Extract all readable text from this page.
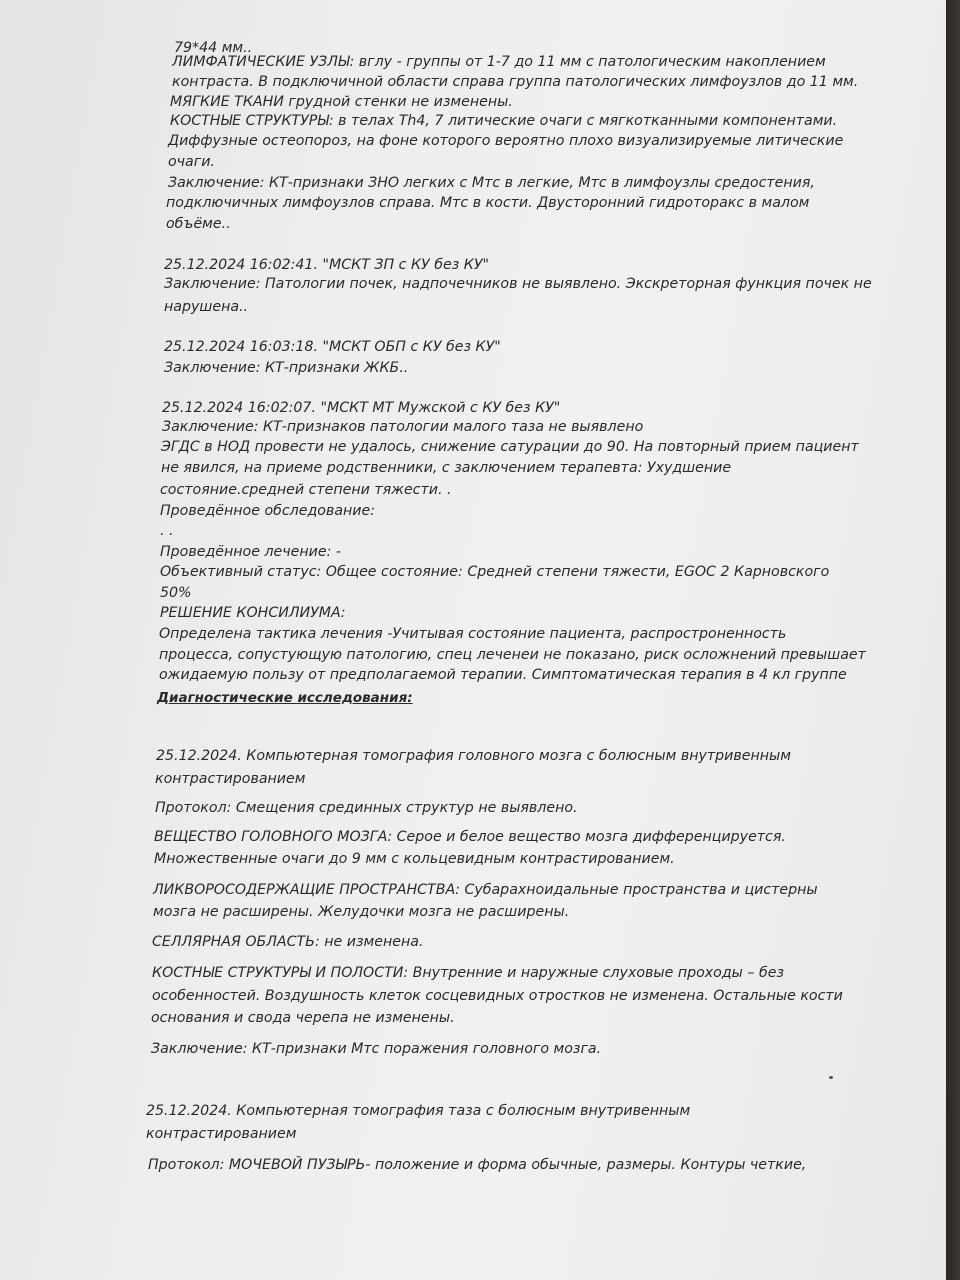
79*44 мм..

ЛИМФАТИЧЕСКИЕ УЗЛЫ: вглу - группы от 1-7 до 11 мм с патологическим накоплением

контраста. В подключичной области справа группа патологических лимфоузлов до 11 мм.

МЯГКИЕ ТКАНИ грудной стенки не изменены.

КОСТНЫЕ СТРУКТУРЫ: в телах Th4, 7 литические очаги с мягкотканными компонентами.

Диффузные остеопороз, на фоне которого вероятно плохо визуализируемые литические

очаги.

Заключение: КТ-признаки ЗНО легких с Мтс в легкие, Мтс в лимфоузлы средостения,

подключичных лимфоузлов справа. Мтс в кости. Двусторонний гидроторакс в малом

объёме..

25.12.2024 16:02:41. "МСКТ ЗП с КУ без КУ"

Заключение: Патологии почек, надпочечников не выявлено. Экскреторная функция почек не

нарушена..

25.12.2024 16:03:18. "МСКТ ОБП с КУ без КУ"

Заключение: КТ-признаки ЖКБ..

25.12.2024 16:02:07. "МСКТ МТ Мужской с КУ без КУ"

Заключение: КТ-признаков патологии малого таза не выявлено

ЭГДС в НОД провести не удалось, снижение сатурации до 90. На повторный прием пациент

не явился, на приеме родственники, с заключением терапевта: Ухудшение

состояние.средней степени тяжести. .

Проведённое обследование:

. .

Проведённое лечение: -

Объективный статус: Общее состояние: Средней степени тяжести, EGOC 2 Карновского

50%

РЕШЕНИЕ КОНСИЛИУМА:

Определена тактика лечения -Учитывая состояние пациента, распростроненность

процесса, сопустующую патологию, спец леченеи не показано, риск осложнений превышает

ожидаемую пользу от предполагаемой терапии. Симптоматическая терапия в 4 кл группе

Диагностические исследования:

25.12.2024. Компьютерная томография головного мозга с болюсным внутривенным

контрастированием

Протокол: Смещения срединных структур не выявлено.

ВЕЩЕСТВО ГОЛОВНОГО МОЗГА: Серое и белое вещество мозга дифференцируется.

Множественные очаги до 9 мм с кольцевидным контрастированием.

ЛИКВОРОСОДЕРЖАЩИЕ ПРОСТРАНСТВА: Субарахноидальные пространства и цистерны

мозга не расширены. Желудочки мозга не расширены.

СЕЛЛЯРНАЯ ОБЛАСТЬ: не изменена.

КОСТНЫЕ СТРУКТУРЫ И ПОЛОСТИ: Внутренние и наружные слуховые проходы – без

особенностей. Воздушность клеток сосцевидных отростков не изменена. Остальные кости

основания и свода черепа не изменены.

Заключение: КТ-признаки Мтс поражения головного мозга.

25.12.2024. Компьютерная томография таза с болюсным внутривенным

контрастированием

Протокол: МОЧЕВОЙ ПУЗЫРЬ- положение и форма обычные, размеры. Контуры четкие,
